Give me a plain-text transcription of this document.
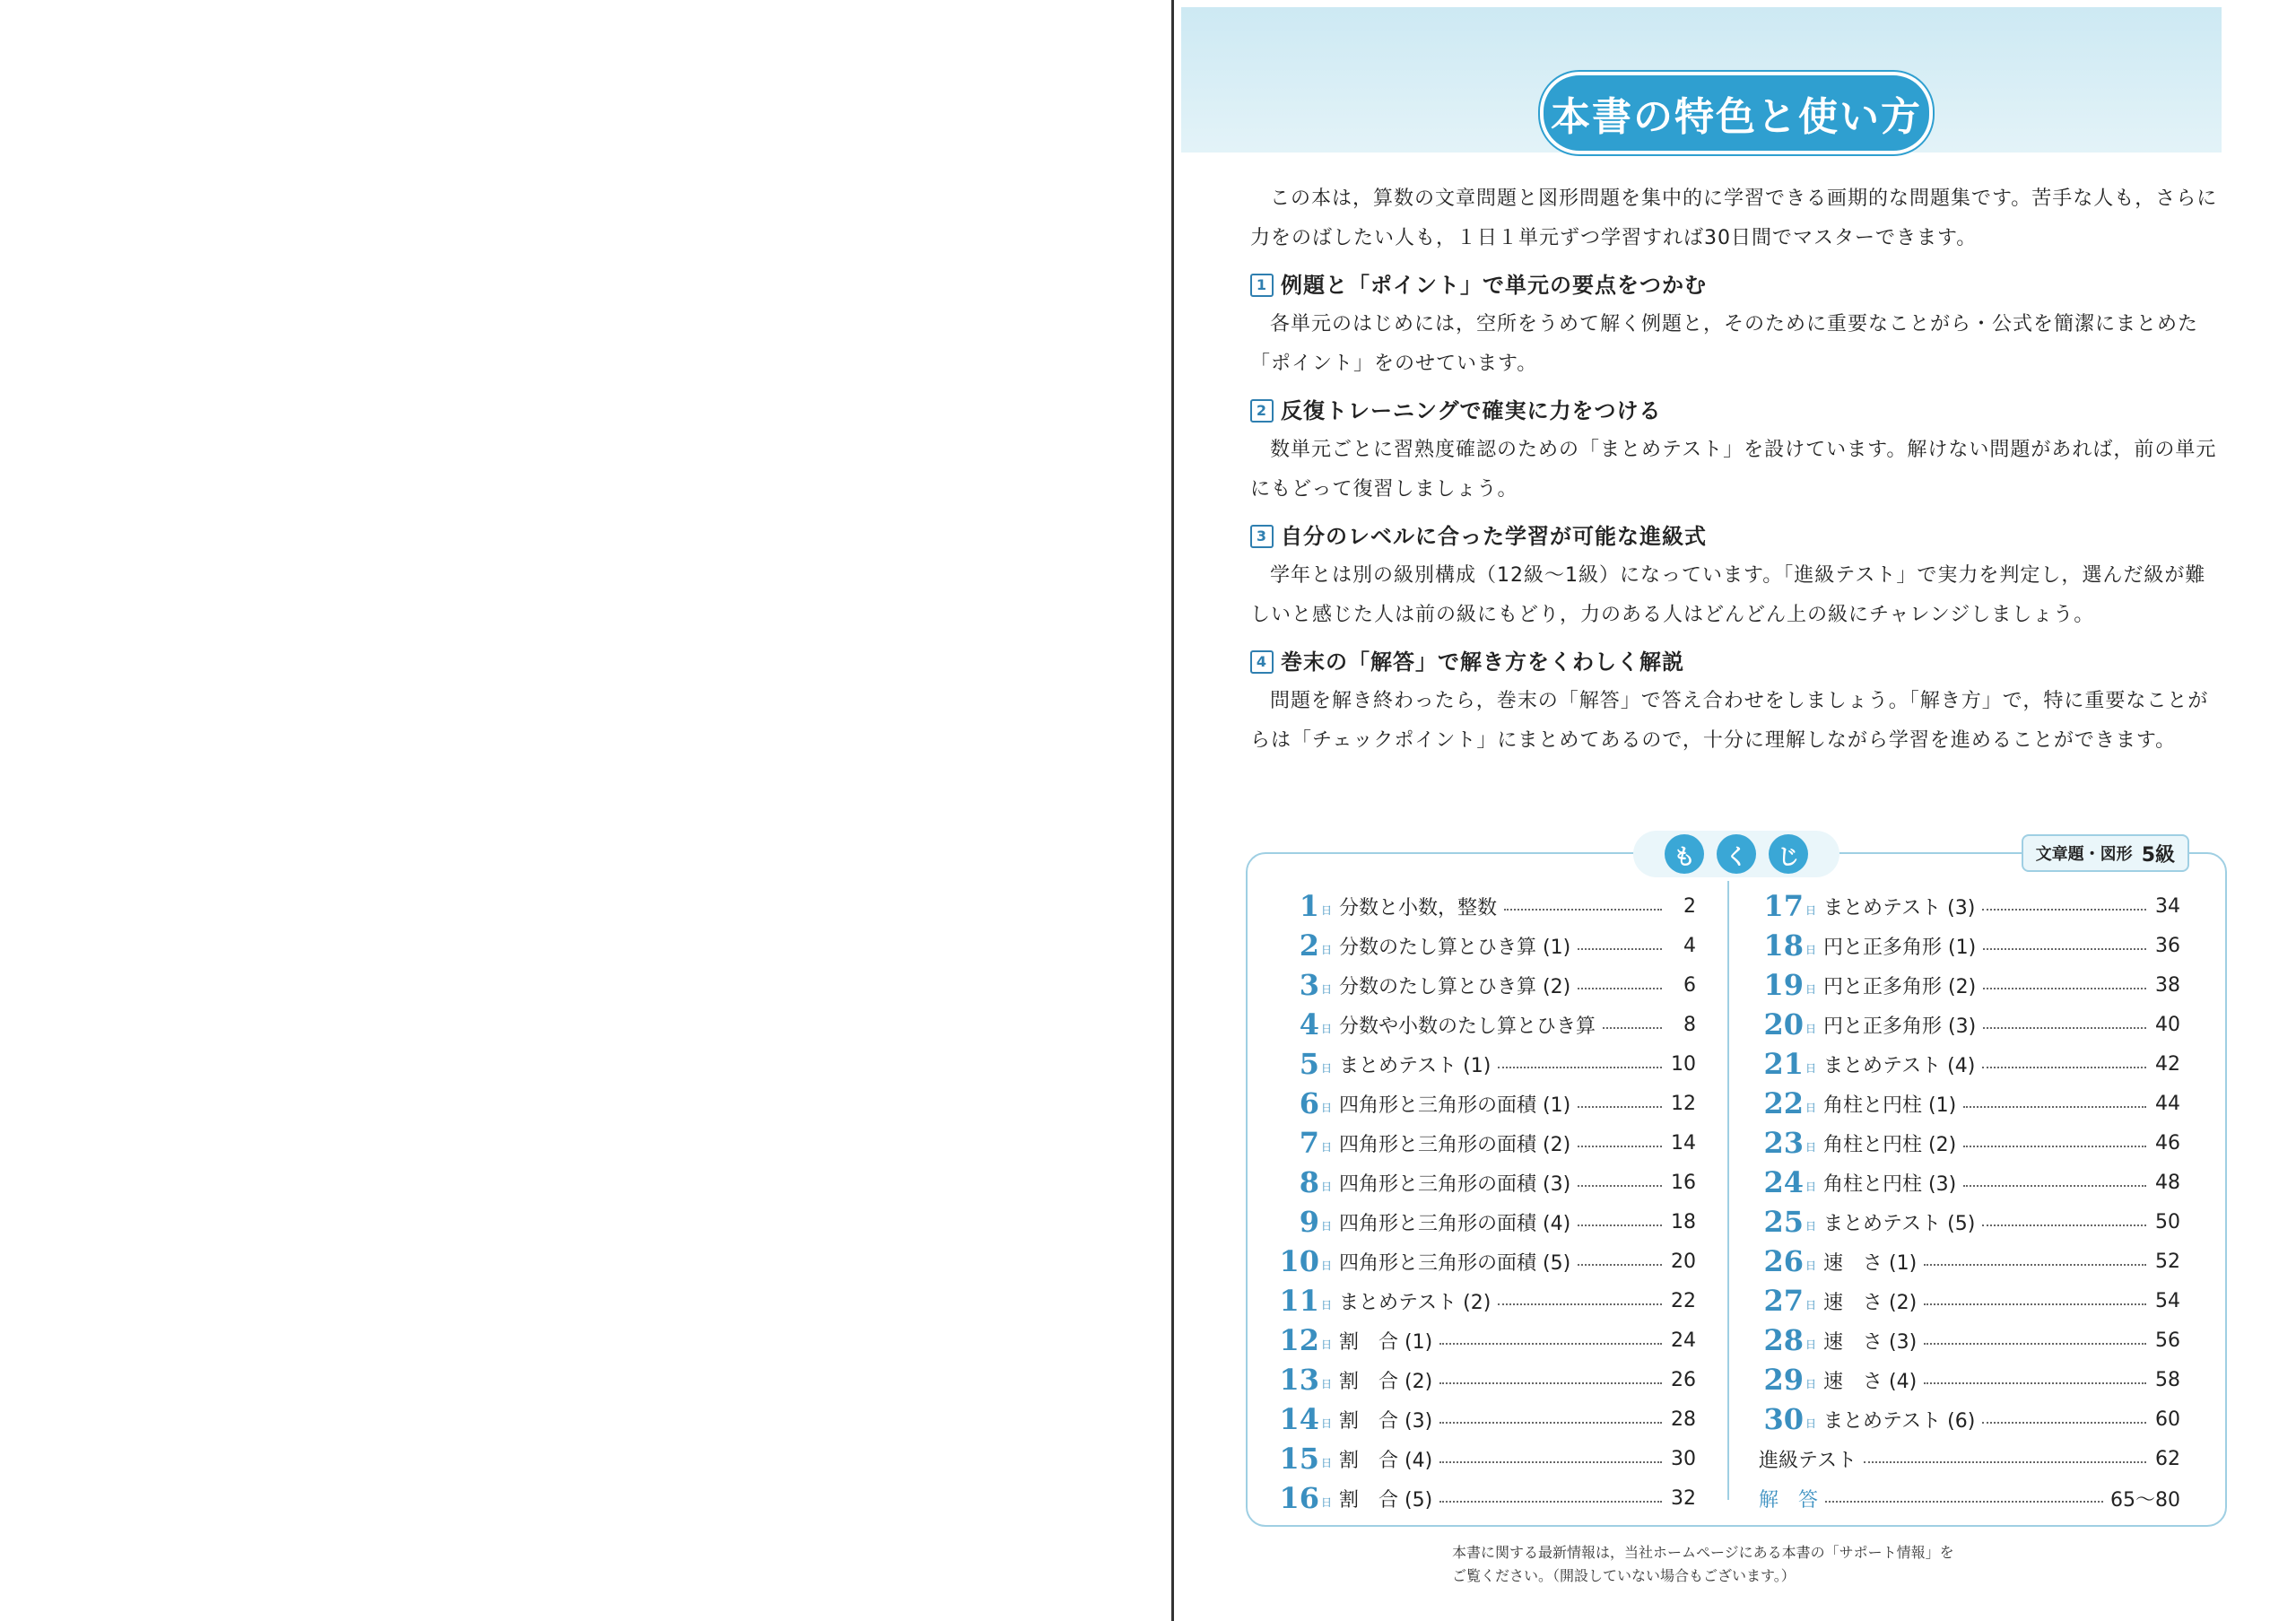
本書の特色と使い方

この本は，算数の文章問題と図形問題を集中的に学習できる画期的な問題集です。苦手な人も，さらに力をのばしたい人も，１日１単元ずつ学習すれば30日間でマスターできます。

1 例題と「ポイント」で単元の要点をつかむ

各単元のはじめには，空所をうめて解く例題と，そのために重要なことがら・公式を簡潔にまとめた「ポイント」をのせています。

2 反復トレーニングで確実に力をつける

数単元ごとに習熟度確認のための「まとめテスト」を設けています。解けない問題があれば，前の単元にもどって復習しましょう。

3 自分のレベルに合った学習が可能な進級式

学年とは別の級別構成（12級～1級）になっています。「進級テスト」で実力を判定し，選んだ級が難しいと感じた人は前の級にもどり，力のある人はどんどん上の級にチャレンジしましょう。

4 巻末の「解答」で解き方をくわしく解説

問題を解き終わったら，巻末の「解答」で答え合わせをしましょう。「解き方」で，特に重要なことがらは「チェックポイント」にまとめてあるので，十分に理解しながら学習を進めることができます。

も	く	じ	文章題・図形 5級
1 日 分数と小数，整数	2
2 日 分数のたし算とひき算 (1)	4
3 日 分数のたし算とひき算 (2)	6
4 日 分数や小数のたし算とひき算	8
5 日 まとめテスト (1)	10
6 日 四角形と三角形の面積 (1)	12
7 日 四角形と三角形の面積 (2)	14
8 日 四角形と三角形の面積 (3)	16
9 日 四角形と三角形の面積 (4)	18
10 日 四角形と三角形の面積 (5)	20
11 日 まとめテスト (2)	22
12 日 割　合 (1)	24
13 日 割　合 (2)	26
14 日 割　合 (3)	28
15 日 割　合 (4)	30
16 日 割　合 (5)	32
17 日 まとめテスト (3)	34
18 日 円と正多角形 (1)	36
19 日 円と正多角形 (2)	38
20 日 円と正多角形 (3)	40
21 日 まとめテスト (4)	42
22 日 角柱と円柱 (1)	44
23 日 角柱と円柱 (2)	46
24 日 角柱と円柱 (3)	48
25 日 まとめテスト (5)	50
26 日 速　さ (1)	52
27 日 速　さ (2)	54
28 日 速　さ (3)	56
29 日 速　さ (4)	58
30 日 まとめテスト (6)	60
進級テスト	62
解　答	65～80
本書に関する最新情報は，当社ホームページにある本書の「サポート情報」を
ご覧ください。（開設していない場合もございます。）
